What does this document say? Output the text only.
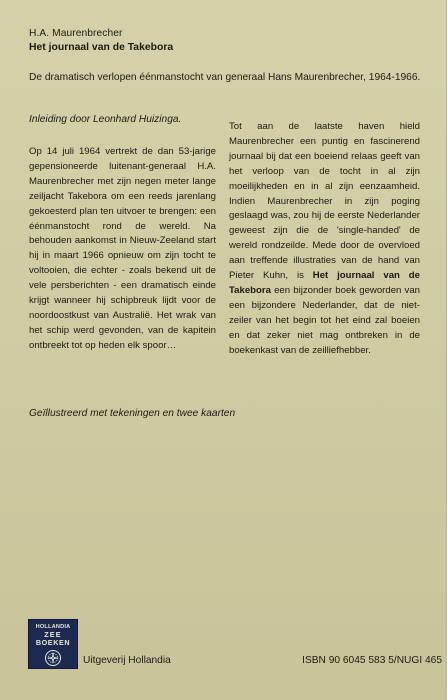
H.A. Maurenbrecher
Het journaal van de Takebora
De dramatisch verlopen éénmanstocht van generaal Hans Maurenbrecher, 1964-1966.
Inleiding door Leonhard Huizinga.
Op 14 juli 1964 vertrekt de dan 53-jarige gepensioneerde luitenant-generaal H.A. Maurenbrecher met zijn negen meter lange zeiljacht Takebora om een reeds jarenlang gekoesterd plan ten uitvoer te brengen: een éénmanstocht rond de wereld. Na behouden aankomst in Nieuw-Zeeland start hij in maart 1966 opnieuw om zijn tocht te voltooien, die echter - zoals bekend uit de vele persberichten - een dramatisch einde krijgt wanneer hij schipbreuk lijdt voor de noordoostkust van Australië. Het wrak van het schip werd gevonden, van de kapitein ontbreekt tot op heden elk spoor…
Tot aan de laatste haven hield Maurenbrecher een puntig en fascinerend journaal bij dat een boeiend relaas geeft van het verloop van de tocht in al zijn moeilijkheden en in al zijn eenzaamheid. Indien Maurenbrecher in zijn poging geslaagd was, zou hij de eerste Nederlander geweest zijn die de 'single-handed' de wereld rondzeilde. Mede door de overvloed aan treffende illustraties van de hand van Pieter Kuhn, is Het journaal van de Takebora een bijzonder boek geworden van een bijzondere Nederlander, dat de niet-zeiler van het begin tot het eind zal boeien en dat zeker niet mag ontbreken in de boekenkast van de zeilliefhebber.
Geïllustreerd met tekeningen en twee kaarten
HOLLANDIA
ZEE
BOEKEN
Uitgeverij Hollandia	ISBN 90 6045 583 5/NUGI 465
